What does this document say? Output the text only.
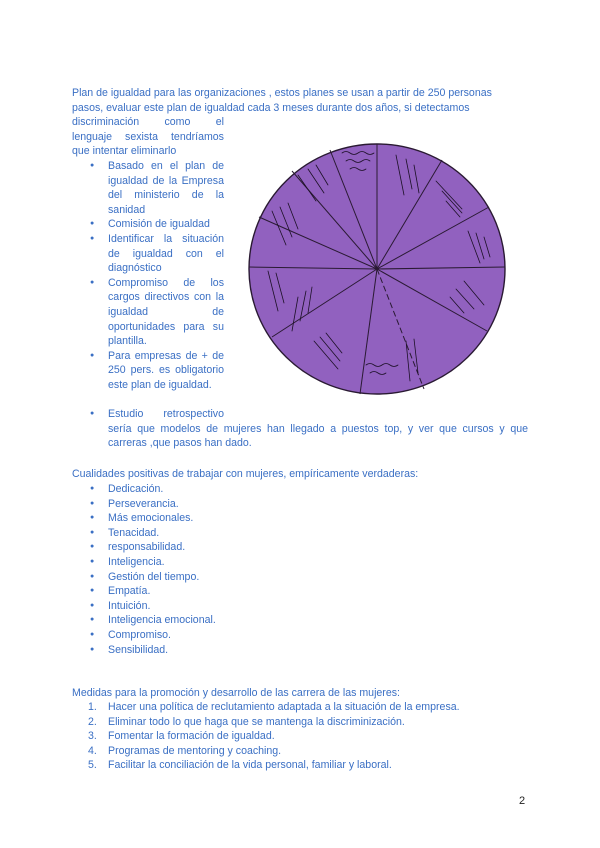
Plan de igualdad para las organizaciones , estos planes se usan a partir de 250 personas
pasos, evaluar este plan de igualdad cada 3 meses durante dos años, si detectamos
discriminación como el
lenguaje sexista tendríamos
que intentar eliminarlo
● Basado en el plan de igualdad de la Empresa del ministerio de la sanidad
● Comisión de igualdad
● Identificar la situación de igualdad con el diagnóstico
● Compromiso de los cargos directivos con la igualdad de oportunidades para su plantilla.
● Para empresas de + de 250 pers. es obligatorio este plan de igualdad.
● Estudio retrospectivo
sería que modelos de mujeres han llegado a puestos top, y ver que cursos y que carreras ,que pasos han dado.
Cualidades positivas de trabajar con mujeres, empíricamente verdaderas:
● Dedicación.
● Perseverancia.
● Más emocionales.
● Tenacidad.
● responsabilidad.
● Inteligencia.
● Gestión del tiempo.
● Empatía.
● Intuición.
● Inteligencia emocional.
● Compromiso.
● Sensibilidad.
Medidas para la promoción y desarrollo de las carrera de las mujeres:
1. Hacer una política de reclutamiento adaptada a la situación de la empresa.
2. Eliminar todo lo que haga que se mantenga la discriminización.
3. Fomentar la formación de igualdad.
4. Programas de mentoring y coaching.
5. Facilitar la conciliación de la vida personal, familiar y laboral.
2
